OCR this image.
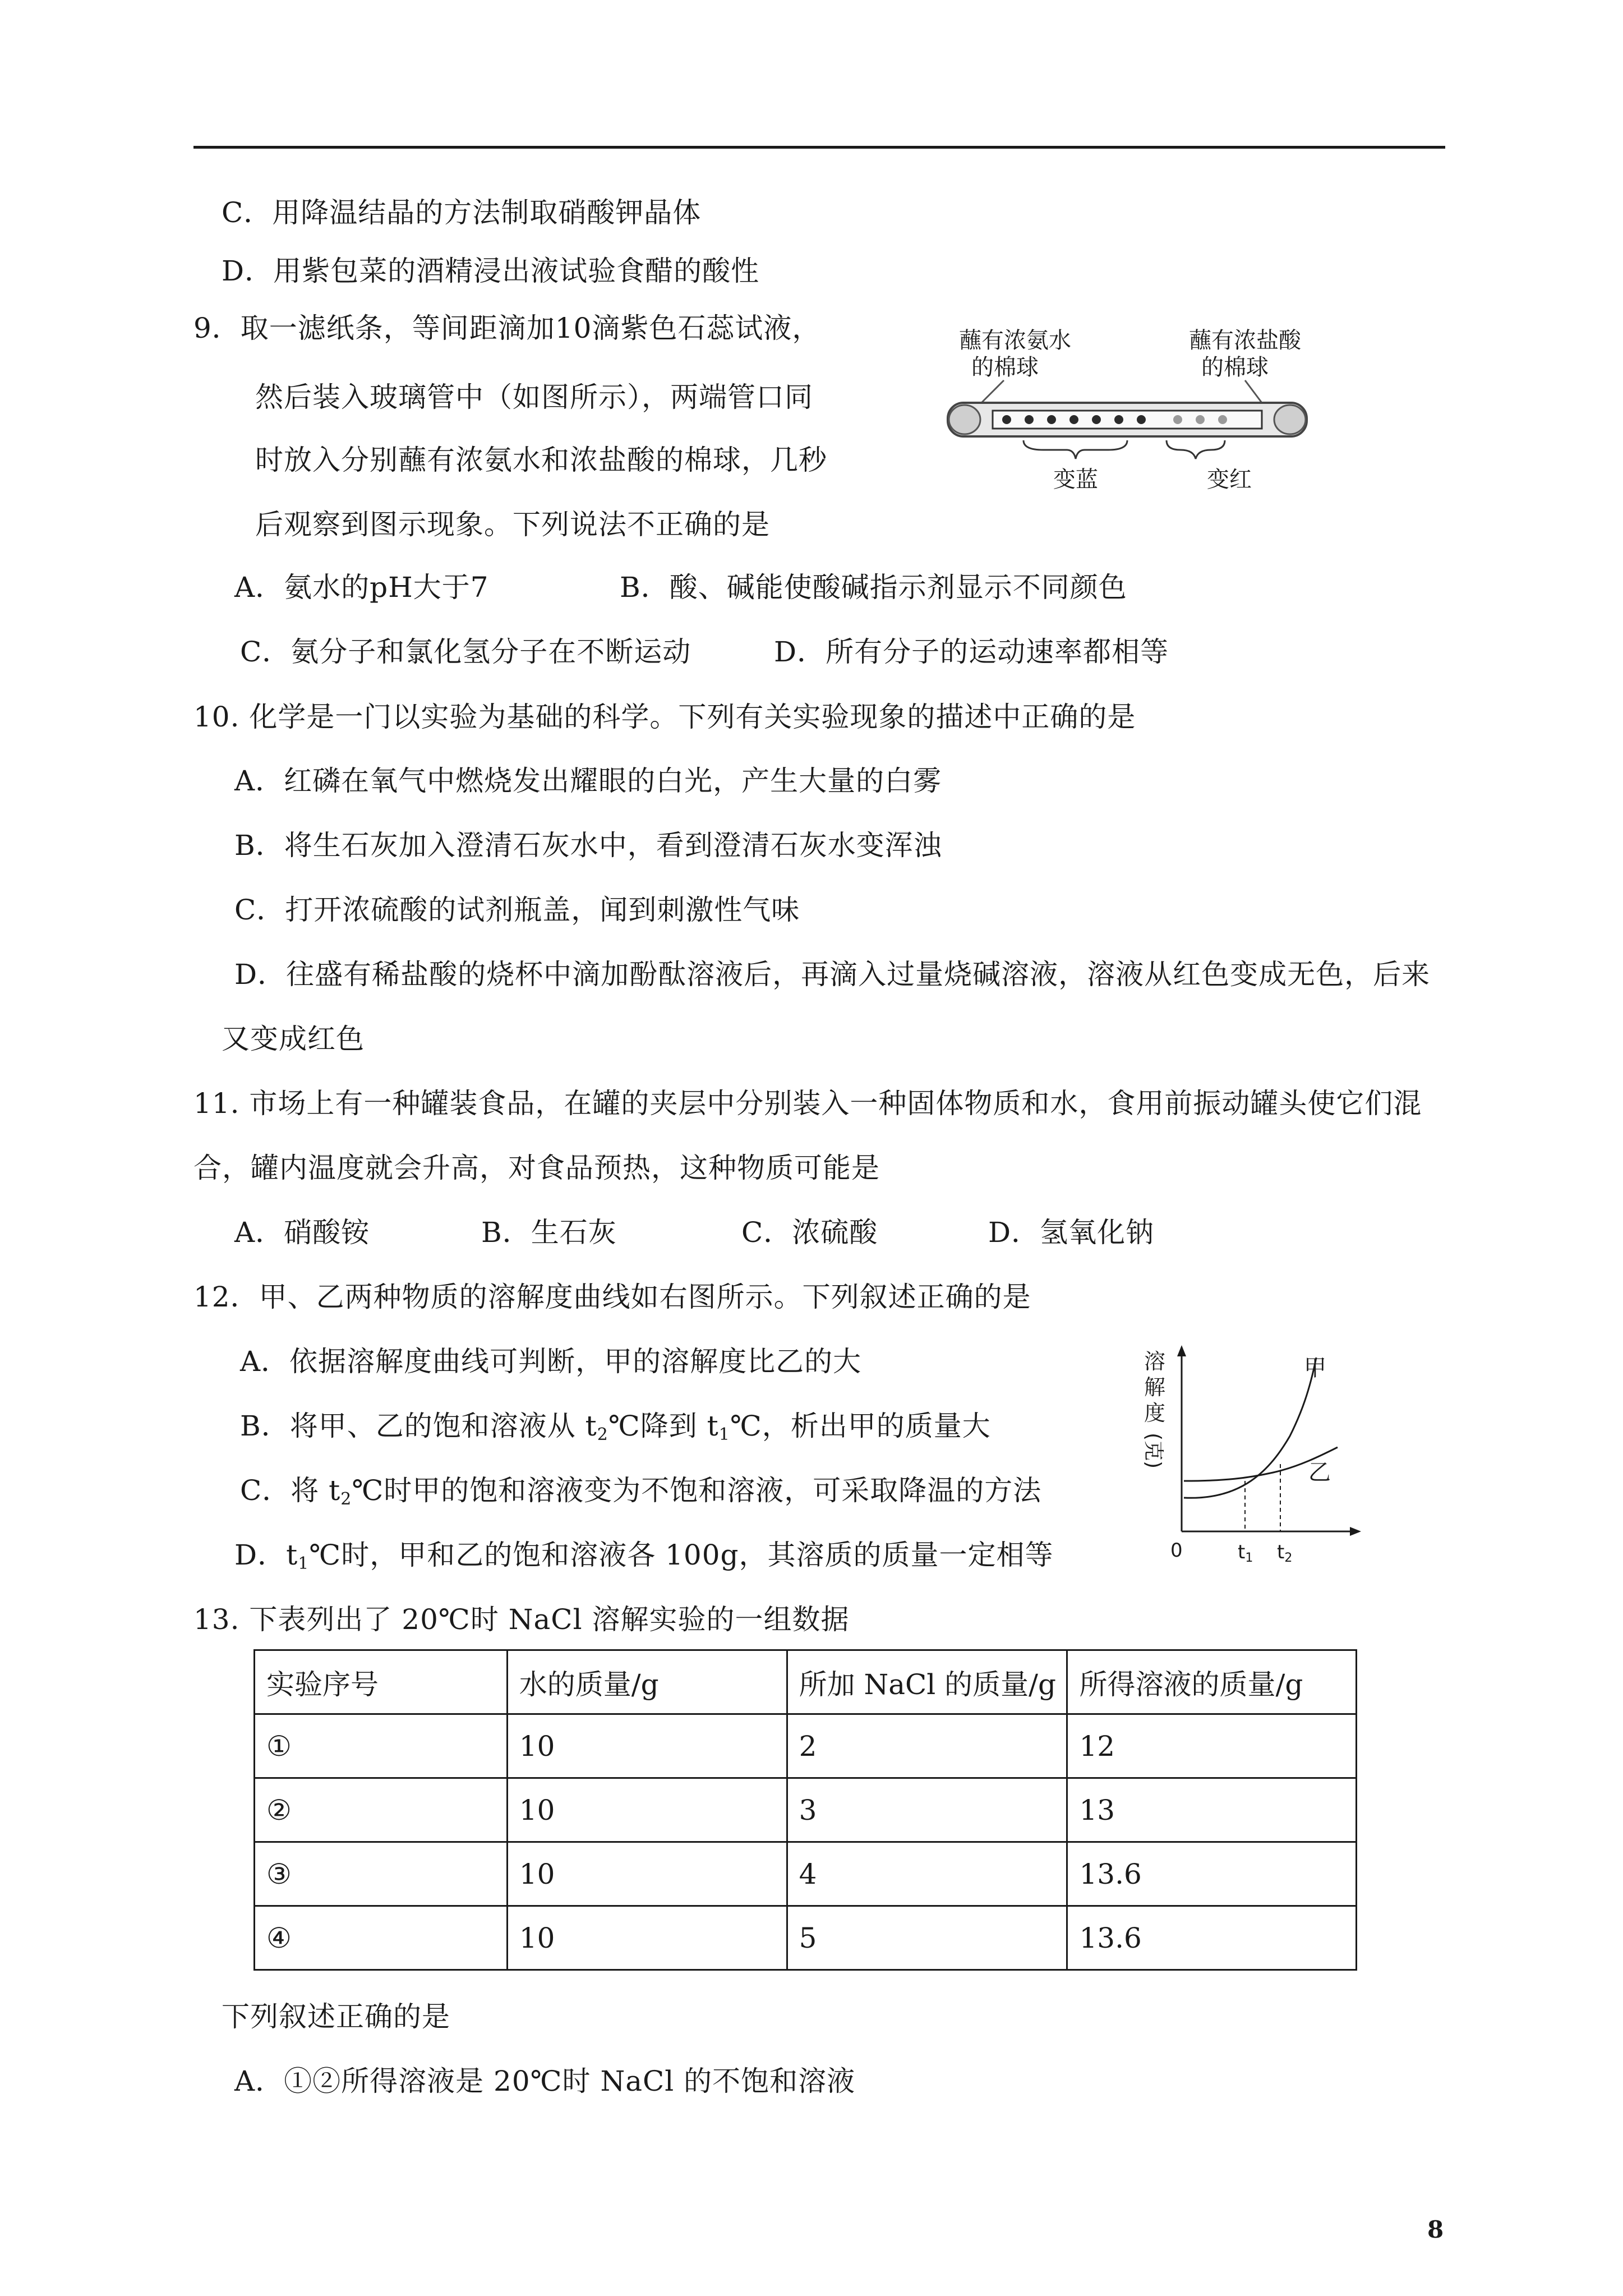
C．用降温结晶的方法制取硝酸钾晶体
D．用紫包菜的酒精浸出液试验食醋的酸性
9．取一滤纸条，等间距滴加10滴紫色石蕊试液，
然后装入玻璃管中（如图所示），两端管口同
时放入分别蘸有浓氨水和浓盐酸的棉球，几秒
后观察到图示现象。下列说法不正确的是
蘸有浓氨水
的棉球
蘸有浓盐酸
的棉球
变蓝	变红
A．氨水的pH大于7	B．酸、碱能使酸碱指示剂显示不同颜色
C．氨分子和氯化氢分子在不断运动	D．所有分子的运动速率都相等
10. 化学是一门以实验为基础的科学。下列有关实验现象的描述中正确的是
A．红磷在氧气中燃烧发出耀眼的白光，产生大量的白雾
B．将生石灰加入澄清石灰水中，看到澄清石灰水变浑浊
C．打开浓硫酸的试剂瓶盖，闻到刺激性气味
D．往盛有稀盐酸的烧杯中滴加酚酞溶液后，再滴入过量烧碱溶液，溶液从红色变成无色，后来
又变成红色
11. 市场上有一种罐装食品，在罐的夹层中分别装入一种固体物质和水，食用前振动罐头使它们混
合，罐内温度就会升高，对食品预热，这种物质可能是
A．硝酸铵	B．生石灰	C．浓硫酸	D．氢氧化钠
12．甲、乙两种物质的溶解度曲线如右图所示。下列叙述正确的是
A．依据溶解度曲线可判断，甲的溶解度比乙的大
B．将甲、乙的饱和溶液从 $t_2℃$降到 $t_1℃$，析出甲的质量大
C．将 $t_2℃$时甲的饱和溶液变为不饱和溶液，可采取降温的方法
D．$t_1℃$时，甲和乙的饱和溶液各 100g，其溶质的质量一定相等
溶
解
度
(克)
甲
乙
0	t1 t2
13. 下表列出了 20℃时 NaCl 溶解实验的一组数据
实验序号	水的质量/g	所加 NaCl 的质量/g	所得溶液的质量/g
①	10	2	12
②	10	3	13
③	10	4	13.6
④	10	5	13.6
下列叙述正确的是
A．①②所得溶液是 20℃时 NaCl 的不饱和溶液
8
